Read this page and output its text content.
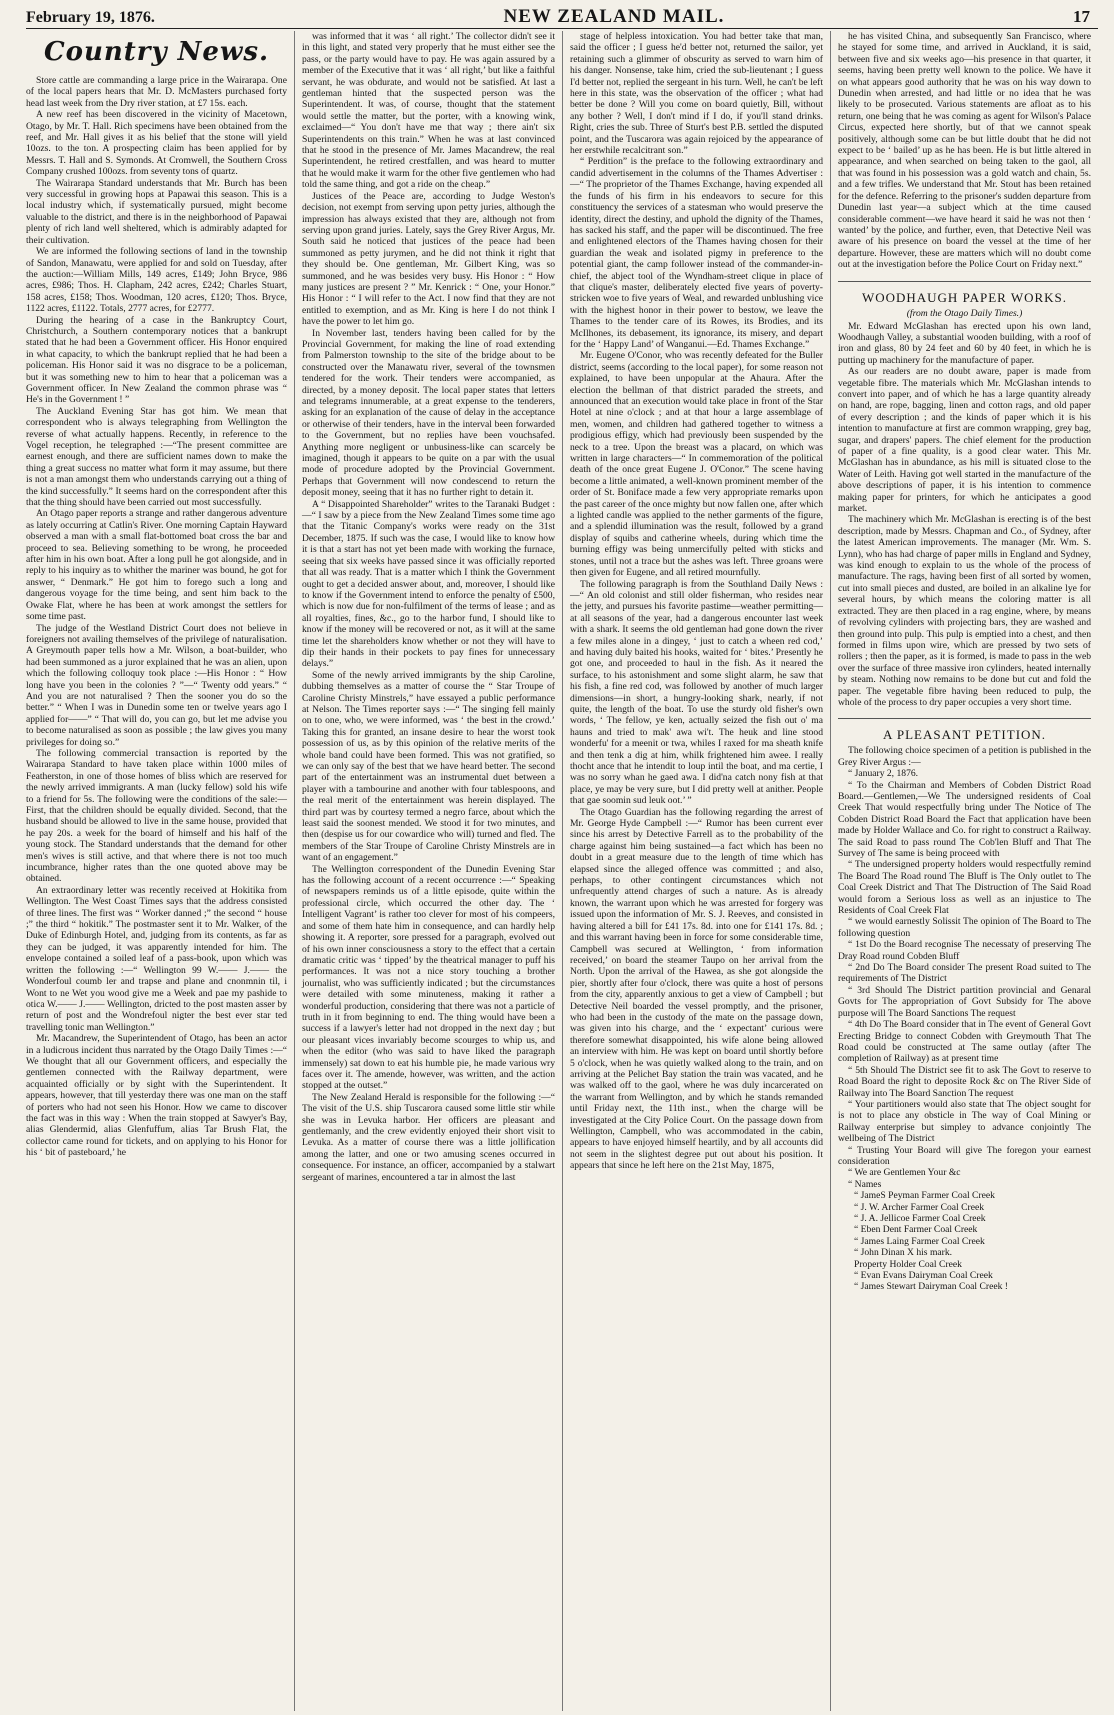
February 19, 1876.	NEW ZEALAND MAIL.	17
Country News.

Store cattle are commanding a large price in the Wairarapa. One of the local papers hears that Mr. D. McMasters purchased forty head last week from the Dry river station, at £7 15s. each.

A new reef has been discovered in the vicinity of Macetown, Otago, by Mr. T. Hall. Rich specimens have been obtained from the reef, and Mr. Hall gives it as his belief that the stone will yield 10ozs. to the ton. A prospecting claim has been applied for by Messrs. T. Hall and S. Symonds. At Cromwell, the Southern Cross Company crushed 100ozs. from seventy tons of quartz.

The Wairarapa Standard understands that Mr. Burch has been very successful in growing hops at Papawai this season. This is a local industry which, if systematically pursued, might become valuable to the district, and there is in the neighborhood of Papawai plenty of rich land well sheltered, which is admirably adapted for their cultivation.

We are informed the following sections of land in the township of Sandon, Manawatu, were applied for and sold on Tuesday, after the auction:—William Mills, 149 acres, £149; John Bryce, 986 acres, £986; Thos. H. Clapham, 242 acres, £242; Charles Stuart, 158 acres, £158; Thos. Woodman, 120 acres, £120; Thos. Bryce, 1122 acres, £1122. Totals, 2777 acres, for £2777.

During the hearing of a case in the Bankruptcy Court, Christchurch, a Southern contemporary notices that a bankrupt stated that he had been a Government officer. His Honor enquired in what capacity, to which the bankrupt replied that he had been a policeman. His Honor said it was no disgrace to be a policeman, but it was something new to him to hear that a policeman was a Government officer. In New Zealand the common phrase was “ He's in the Government ! ”

The Auckland Evening Star has got him. We mean that correspondent who is always telegraphing from Wellington the reverse of what actually happens. Recently, in reference to the Vogel reception, he telegraphed :—“The present committee are earnest enough, and there are sufficient names down to make the thing a great success no matter what form it may assume, but there is not a man amongst them who understands carrying out a thing of the kind successfully.” It seems hard on the correspondent after this that the thing should have been carried out most successfully.

An Otago paper reports a strange and rather dangerous adventure as lately occurring at Catlin's River. One morning Captain Hayward observed a man with a small flat-bottomed boat cross the bar and proceed to sea. Believing something to be wrong, he proceeded after him in his own boat. After a long pull he got alongside, and in reply to his inquiry as to whither the mariner was bound, he got for answer, “ Denmark.” He got him to forego such a long and dangerous voyage for the time being, and sent him back to the Owake Flat, where he has been at work amongst the settlers for some time past.

The judge of the Westland District Court does not believe in foreigners not availing themselves of the privilege of naturalisation. A Greymouth paper tells how a Mr. Wilson, a boat-builder, who had been summoned as a juror explained that he was an alien, upon which the following colloquy took place :—His Honor : “ How long have you been in the colonies ? ”—“ Twenty odd years.” “ And you are not naturalised ? Then the sooner you do so the better.” “ When I was in Dunedin some ten or twelve years ago I applied for——” “ That will do, you can go, but let me advise you to become naturalised as soon as possible ; the law gives you many privileges for doing so.”

The following commercial transaction is reported by the Wairarapa Standard to have taken place within 1000 miles of Featherston, in one of those homes of bliss which are reserved for the newly arrived immigrants. A man (lucky fellow) sold his wife to a friend for 5s. The following were the conditions of the sale:—First, that the children should be equally divided. Second, that the husband should be allowed to live in the same house, provided that he pay 20s. a week for the board of himself and his half of the young stock. The Standard understands that the demand for other men's wives is still active, and that where there is not too much incumbrance, higher rates than the one quoted above may be obtained.

An extraordinary letter was recently received at Hokitika from Wellington. The West Coast Times says that the address consisted of three lines. The first was “ Worker danned ;” the second “ house ;” the third “ hokitik.” The postmaster sent it to Mr. Walker, of the Duke of Edinburgh Hotel, and, judging from its contents, as far as they can be judged, it was apparently intended for him. The envelope contained a soiled leaf of a pass-book, upon which was written the following :—“ Wellington 99 W.—— J.—— the Wonderfoul coumb ler and trapse and plane and cnonmnin til, i Wont to ne Wet you wood give me a Week and pae my pashide to otica W.—— J.—— Wellington, dricted to the post masten asser by return of post and the Wondrefoul nigter the best ever star ted travelling tonic man Wellington.”

Mr. Macandrew, the Superintendent of Otago, has been an actor in a ludicrous incident thus narrated by the Otago Daily Times :—“ We thought that all our Government officers, and especially the gentlemen connected with the Railway department, were acquainted officially or by sight with the Superintendent. It appears, however, that till yesterday there was one man on the staff of porters who had not seen his Honor. How we came to discover the fact was in this way : When the train stopped at Sawyer's Bay, alias Glendermid, alias Glenfuffum, alias Tar Brush Flat, the collector came round for tickets, and on applying to his Honor for his ‘ bit of pasteboard,’ he

was informed that it was ‘ all right.’ The collector didn't see it in this light, and stated very properly that he must either see the pass, or the party would have to pay. He was again assured by a member of the Executive that it was ‘ all right,’ but like a faithful servant, he was obdurate, and would not be satisfied. At last a gentleman hinted that the suspected person was the Superintendent. It was, of course, thought that the statement would settle the matter, but the porter, with a knowing wink, exclaimed—“ You don't have me that way ; there ain't six Superintendents on this train.” When he was at last convinced that he stood in the presence of Mr. James Macandrew, the real Superintendent, he retired crestfallen, and was heard to mutter that he would make it warm for the other five gentlemen who had told the same thing, and got a ride on the cheap.”

Justices of the Peace are, according to Judge Weston's decision, not exempt from serving upon petty juries, although the impression has always existed that they are, although not from serving upon grand juries. Lately, says the Grey River Argus, Mr. South said he noticed that justices of the peace had been summoned as petty jurymen, and he did not think it right that they should be. One gentleman, Mr. Gilbert King, was so summoned, and he was besides very busy. His Honor : “ How many justices are present ? ” Mr. Kenrick : “ One, your Honor.” His Honor : “ I will refer to the Act. I now find that they are not entitled to exemption, and as Mr. King is here I do not think I have the power to let him go.

In November last, tenders having been called for by the Provincial Government, for making the line of road extending from Palmerston township to the site of the bridge about to be constructed over the Manawatu river, several of the townsmen tendered for the work. Their tenders were accompanied, as directed, by a money deposit. The local paper states that letters and telegrams innumerable, at a great expense to the tenderers, asking for an explanation of the cause of delay in the acceptance or otherwise of their tenders, have in the interval been forwarded to the Government, but no replies have been vouchsafed. Anything more negligent or unbusiness-like can scarcely be imagined, though it appears to be quite on a par with the usual mode of procedure adopted by the Provincial Government. Perhaps that Government will now condescend to return the deposit money, seeing that it has no further right to detain it.

A “ Disappointed Shareholder” writes to the Taranaki Budget :—“ I saw by a piece from the New Zealand Times some time ago that the Titanic Company's works were ready on the 31st December, 1875. If such was the case, I would like to know how it is that a start has not yet been made with working the furnace, seeing that six weeks have passed since it was officially reported that all was ready. That is a matter which I think the Government ought to get a decided answer about, and, moreover, I should like to know if the Government intend to enforce the penalty of £500, which is now due for non-fulfilment of the terms of lease ; and as all royalties, fines, &c., go to the harbor fund, I should like to know if the money will be recovered or not, as it will at the same time let the shareholders know whether or not they will have to dip their hands in their pockets to pay fines for unnecessary delays.”

Some of the newly arrived immigrants by the ship Caroline, dubbing themselves as a matter of course the “ Star Troupe of Caroline Christy Minstrels,” have essayed a public performance at Nelson. The Times reporter says :—“ The singing fell mainly on to one, who, we were informed, was ‘ the best in the crowd.’ Taking this for granted, an insane desire to hear the worst took possession of us, as by this opinion of the relative merits of the whole band could have been formed. This was not gratified, so we can only say of the best that we have heard better. The second part of the entertainment was an instrumental duet between a player with a tambourine and another with four tablespoons, and the real merit of the entertainment was herein displayed. The third part was by courtesy termed a negro farce, about which the least said the soonest mended. We stood it for two minutes, and then (despise us for our cowardice who will) turned and fled. The members of the Star Troupe of Caroline Christy Minstrels are in want of an engagement.”

The Wellington correspondent of the Dunedin Evening Star has the following account of a recent occurrence :—“ Speaking of newspapers reminds us of a little episode, quite within the professional circle, which occurred the other day. The ‘ Intelligent Vagrant’ is rather too clever for most of his compeers, and some of them hate him in consequence, and can hardly help showing it. A reporter, sore pressed for a paragraph, evolved out of his own inner consciousness a story to the effect that a certain dramatic critic was ‘ tipped’ by the theatrical manager to puff his performances. It was not a nice story touching a brother journalist, who was sufficiently indicated ; but the circumstances were detailed with some minuteness, making it rather a wonderful production, considering that there was not a particle of truth in it from beginning to end. The thing would have been a success if a lawyer's letter had not dropped in the next day ; but our pleasant vices invariably become scourges to whip us, and when the editor (who was said to have liked the paragraph immensely) sat down to eat his humble pie, he made various wry faces over it. The amende, however, was written, and the action stopped at the outset.”

The New Zealand Herald is responsible for the following :—“ The visit of the U.S. ship Tuscarora caused some little stir while she was in Levuka harbor. Her officers are pleasant and gentlemanly, and the crew evidently enjoyed their short visit to Levuka. As a matter of course there was a little jollification among the latter, and one or two amusing scenes occurred in consequence. For instance, an officer, accompanied by a stalwart sergeant of marines, encountered a tar in almost the last

stage of helpless intoxication. You had better take that man, said the officer ; I guess he'd better not, returned the sailor, yet retaining such a glimmer of obscurity as served to warn him of his danger. Nonsense, take him, cried the sub-lieutenant ; I guess I'd better not, replied the sergeant in his turn. Well, he can't be left here in this state, was the observation of the officer ; what had better be done ? Will you come on board quietly, Bill, without any bother ? Well, I don't mind if I do, if you'll stand drinks. Right, cries the sub. Three of Sturt's best P.B. settled the disputed point, and the Tuscarora was again rejoiced by the appearance of her erstwhile recalcitrant son.”

“ Perdition” is the preface to the following extraordinary and candid advertisement in the columns of the Thames Advertiser :—“ The proprietor of the Thames Exchange, having expended all the funds of his firm in his endeavors to secure for this constituency the services of a statesman who would preserve the identity, direct the destiny, and uphold the dignity of the Thames, has sacked his staff, and the paper will be discontinued. The free and enlightened electors of the Thames having chosen for their guardian the weak and isolated pigmy in preference to the potential giant, the camp follower instead of the commander-in-chief, the abject tool of the Wyndham-street clique in place of that clique's master, deliberately elected five years of poverty-stricken woe to five years of Weal, and rewarded unblushing vice with the highest honor in their power to bestow, we leave the Thames to the tender care of its Rowes, its Brodies, and its McIlhones, its debasement, its ignorance, its misery, and depart for the ‘ Happy Land’ of Wanganui.—Ed. Thames Exchange.”

Mr. Eugene O'Conor, who was recently defeated for the Buller district, seems (according to the local paper), for some reason not explained, to have been unpopular at the Ahaura. After the election the bellman of that district paraded the streets, and announced that an execution would take place in front of the Star Hotel at nine o'clock ; and at that hour a large assemblage of men, women, and children had gathered together to witness a prodigious effigy, which had previously been suspended by the neck to a tree. Upon the breast was a placard, on which was written in large characters—“ In commemoration of the political death of the once great Eugene J. O'Conor.” The scene having become a little animated, a well-known prominent member of the order of St. Boniface made a few very appropriate remarks upon the past career of the once mighty but now fallen one, after which a lighted candle was applied to the nether garments of the figure, and a splendid illumination was the result, followed by a grand display of squibs and catherine wheels, during which time the burning effigy was being unmercifully pelted with sticks and stones, until not a trace but the ashes was left. Three groans were then given for Eugene, and all retired mournfully.

The following paragraph is from the Southland Daily News :—“ An old colonist and still older fisherman, who resides near the jetty, and pursues his favorite pastime—weather permitting—at all seasons of the year, had a dangerous encounter last week with a shark. It seems the old gentleman had gone down the river a few miles alone in a dingey, ‘ just to catch a wheen red cod,’ and having duly baited his hooks, waited for ‘ bites.’ Presently he got one, and proceeded to haul in the fish. As it neared the surface, to his astonishment and some slight alarm, he saw that his fish, a fine red cod, was followed by another of much larger dimensions—in short, a hungry-looking shark, nearly, if not quite, the length of the boat. To use the sturdy old fisher's own words, ‘ The fellow, ye ken, actually seized the fish out o' ma hauns and tried to mak' awa wi't. The heuk and line stood wonderfu' for a meenit or twa, whiles I raxed for ma sheath knife and then tenk a dig at him, whilk frightened him awee. I really thocht ance that he intendit to loup intil the boat, and ma certie, I was no sorry whan he gaed awa. I did'na catch nony fish at that place, ye may be very sure, but I did pretty well at anither. People that gae soomin sud leuk oot.’ ”

The Otago Guardian has the following regarding the arrest of Mr. George Hyde Campbell :—“ Rumor has been current ever since his arrest by Detective Farrell as to the probability of the charge against him being sustained—a fact which has been no doubt in a great measure due to the length of time which has elapsed since the alleged offence was committed ; and also, perhaps, to other contingent circumstances which not unfrequently attend charges of such a nature. As is already known, the warrant upon which he was arrested for forgery was issued upon the information of Mr. S. J. Reeves, and consisted in having altered a bill for £41 17s. 8d. into one for £141 17s. 8d. ; and this warrant having been in force for some considerable time, Campbell was secured at Wellington, ‘ from information received,’ on board the steamer Taupo on her arrival from the North. Upon the arrival of the Hawea, as she got alongside the pier, shortly after four o'clock, there was quite a host of persons from the city, apparently anxious to get a view of Campbell ; but Detective Neil boarded the vessel promptly, and the prisoner, who had been in the custody of the mate on the passage down, was given into his charge, and the ‘ expectant’ curious were therefore somewhat disappointed, his wife alone being allowed an interview with him. He was kept on board until shortly before 5 o'clock, when he was quietly walked along to the train, and on arriving at the Pelichet Bay station the train was vacated, and he was walked off to the gaol, where he was duly incarcerated on the warrant from Wellington, and by which he stands remanded until Friday next, the 11th inst., when the charge will be investigated at the City Police Court. On the passage down from Wellington, Campbell, who was accommodated in the cabin, appears to have enjoyed himself heartily, and by all accounts did not seem in the slightest degree put out about his position. It appears that since he left here on the 21st May, 1875,

he has visited China, and subsequently San Francisco, where he stayed for some time, and arrived in Auckland, it is said, between five and six weeks ago—his presence in that quarter, it seems, having been pretty well known to the police. We have it on what appears good authority that he was on his way down to Dunedin when arrested, and had little or no idea that he was likely to be prosecuted. Various statements are afloat as to his return, one being that he was coming as agent for Wilson's Palace Circus, expected here shortly, but of that we cannot speak positively, although some can be but little doubt that he did not expect to be ‘ bailed’ up as he has been. He is but little altered in appearance, and when searched on being taken to the gaol, all that was found in his possession was a gold watch and chain, 5s. and a few trifles. We understand that Mr. Stout has been retained for the defence. Referring to the prisoner's sudden departure from Dunedin last year—a subject which at the time caused considerable comment—we have heard it said he was not then ‘ wanted’ by the police, and further, even, that Detective Neil was aware of his presence on board the vessel at the time of her departure. However, these are matters which will no doubt come out at the investigation before the Police Court on Friday next.”

WOODHAUGH PAPER WORKS.
(from the Otago Daily Times.)

Mr. Edward McGlashan has erected upon his own land, Woodhaugh Valley, a substantial wooden building, with a roof of iron and glass, 80 by 24 feet and 60 by 40 feet, in which he is putting up machinery for the manufacture of paper.

As our readers are no doubt aware, paper is made from vegetable fibre. The materials which Mr. McGlashan intends to convert into paper, and of which he has a large quantity already on hand, are rope, bagging, linen and cotton rags, and old paper of every description ; and the kinds of paper which it is his intention to manufacture at first are common wrapping, grey bag, sugar, and drapers' papers. The chief element for the production of paper of a fine quality, is a good clear water. This Mr. McGlashan has in abundance, as his mill is situated close to the Water of Leith. Having got well started in the manufacture of the above descriptions of paper, it is his intention to commence making paper for printers, for which he anticipates a good market.

The machinery which Mr. McGlashan is erecting is of the best description, made by Messrs. Chapman and Co., of Sydney, after the latest American improvements. The manager (Mr. Wm. S. Lynn), who has had charge of paper mills in England and Sydney, was kind enough to explain to us the whole of the process of manufacture. The rags, having been first of all sorted by women, cut into small pieces and dusted, are boiled in an alkaline lye for several hours, by which means the coloring matter is all extracted. They are then placed in a rag engine, where, by means of revolving cylinders with projecting bars, they are washed and then ground into pulp. This pulp is emptied into a chest, and then formed in films upon wire, which are pressed by two sets of rollers ; then the paper, as it is formed, is made to pass in the web over the surface of three massive iron cylinders, heated internally by steam. Nothing now remains to be done but cut and fold the paper. The vegetable fibre having been reduced to pulp, the whole of the process to dry paper occupies a very short time.

A PLEASANT PETITION.

The following choice specimen of a petition is published in the Grey River Argus :—

“ January 2, 1876.

“ To the Chairman and Members of Cobden District Road Board.—Gentlemen,—We The undersigned residents of Coal Creek That would respectfully bring under The Notice of The Cobden District Road Board the Fact that application have been made by Holder Wallace and Co. for right to construct a Railway. The said Road to pass round The Cob'len Bluff and That The Survey of The same is being proceed with

“ The undersigned property holders would respectfully remind The Board The Road round The Bluff is The Only outlet to The Coal Creek District and That The Distruction of The Said Road would forom a Serious loss as well as an injustice to The Residents of Coal Creek Flat

“ we would earnestly Solissit The opinion of The Board to The following question

“ 1st Do the Board recognise The necessaty of preserving The Dray Road round Cobden Bluff

“ 2nd Do The Board consider The present Road suited to The requirements of The District

“ 3rd Should The District partition provincial and Genaral Govts for The appropriation of Govt Subsidy for The above purpose will The Board Sanctions The request

“ 4th Do The Board consider that in The event of General Govt Erecting Bridge to connect Cobden with Greymouth That The Road could be constructed at The same outlay (after The completion of Railway) as at present time

“ 5th Should The District see fit to ask The Govt to reserve to Road Board the right to deposite Rock &c on The River Side of Railway into The Board Sanction The request

“ Your partitioners would also state that The object sought for is not to place any obsticle in The way of Coal Mining or Railway enterprise but simpley to advance conjointly The wellbeing of The District

“ Trusting Your Board will give The foregon your earnest consideration

“ We are Gentlemen Your &c

“ Names

“ JameS Peyman Farmer Coal Creek
“ J. W. Archer Farmer Coal Creek
“ J. A. Jellicoe Farmer Coal Creek
“ Eben Dent Farmer Coal Creek
“ James Laing Farmer Coal Creek
“ John Dinan X his mark.
Property Holder Coal Creek
“ Evan Evans Dairyman Coal Creek
“ James Stewart Dairyman Coal Creek !
